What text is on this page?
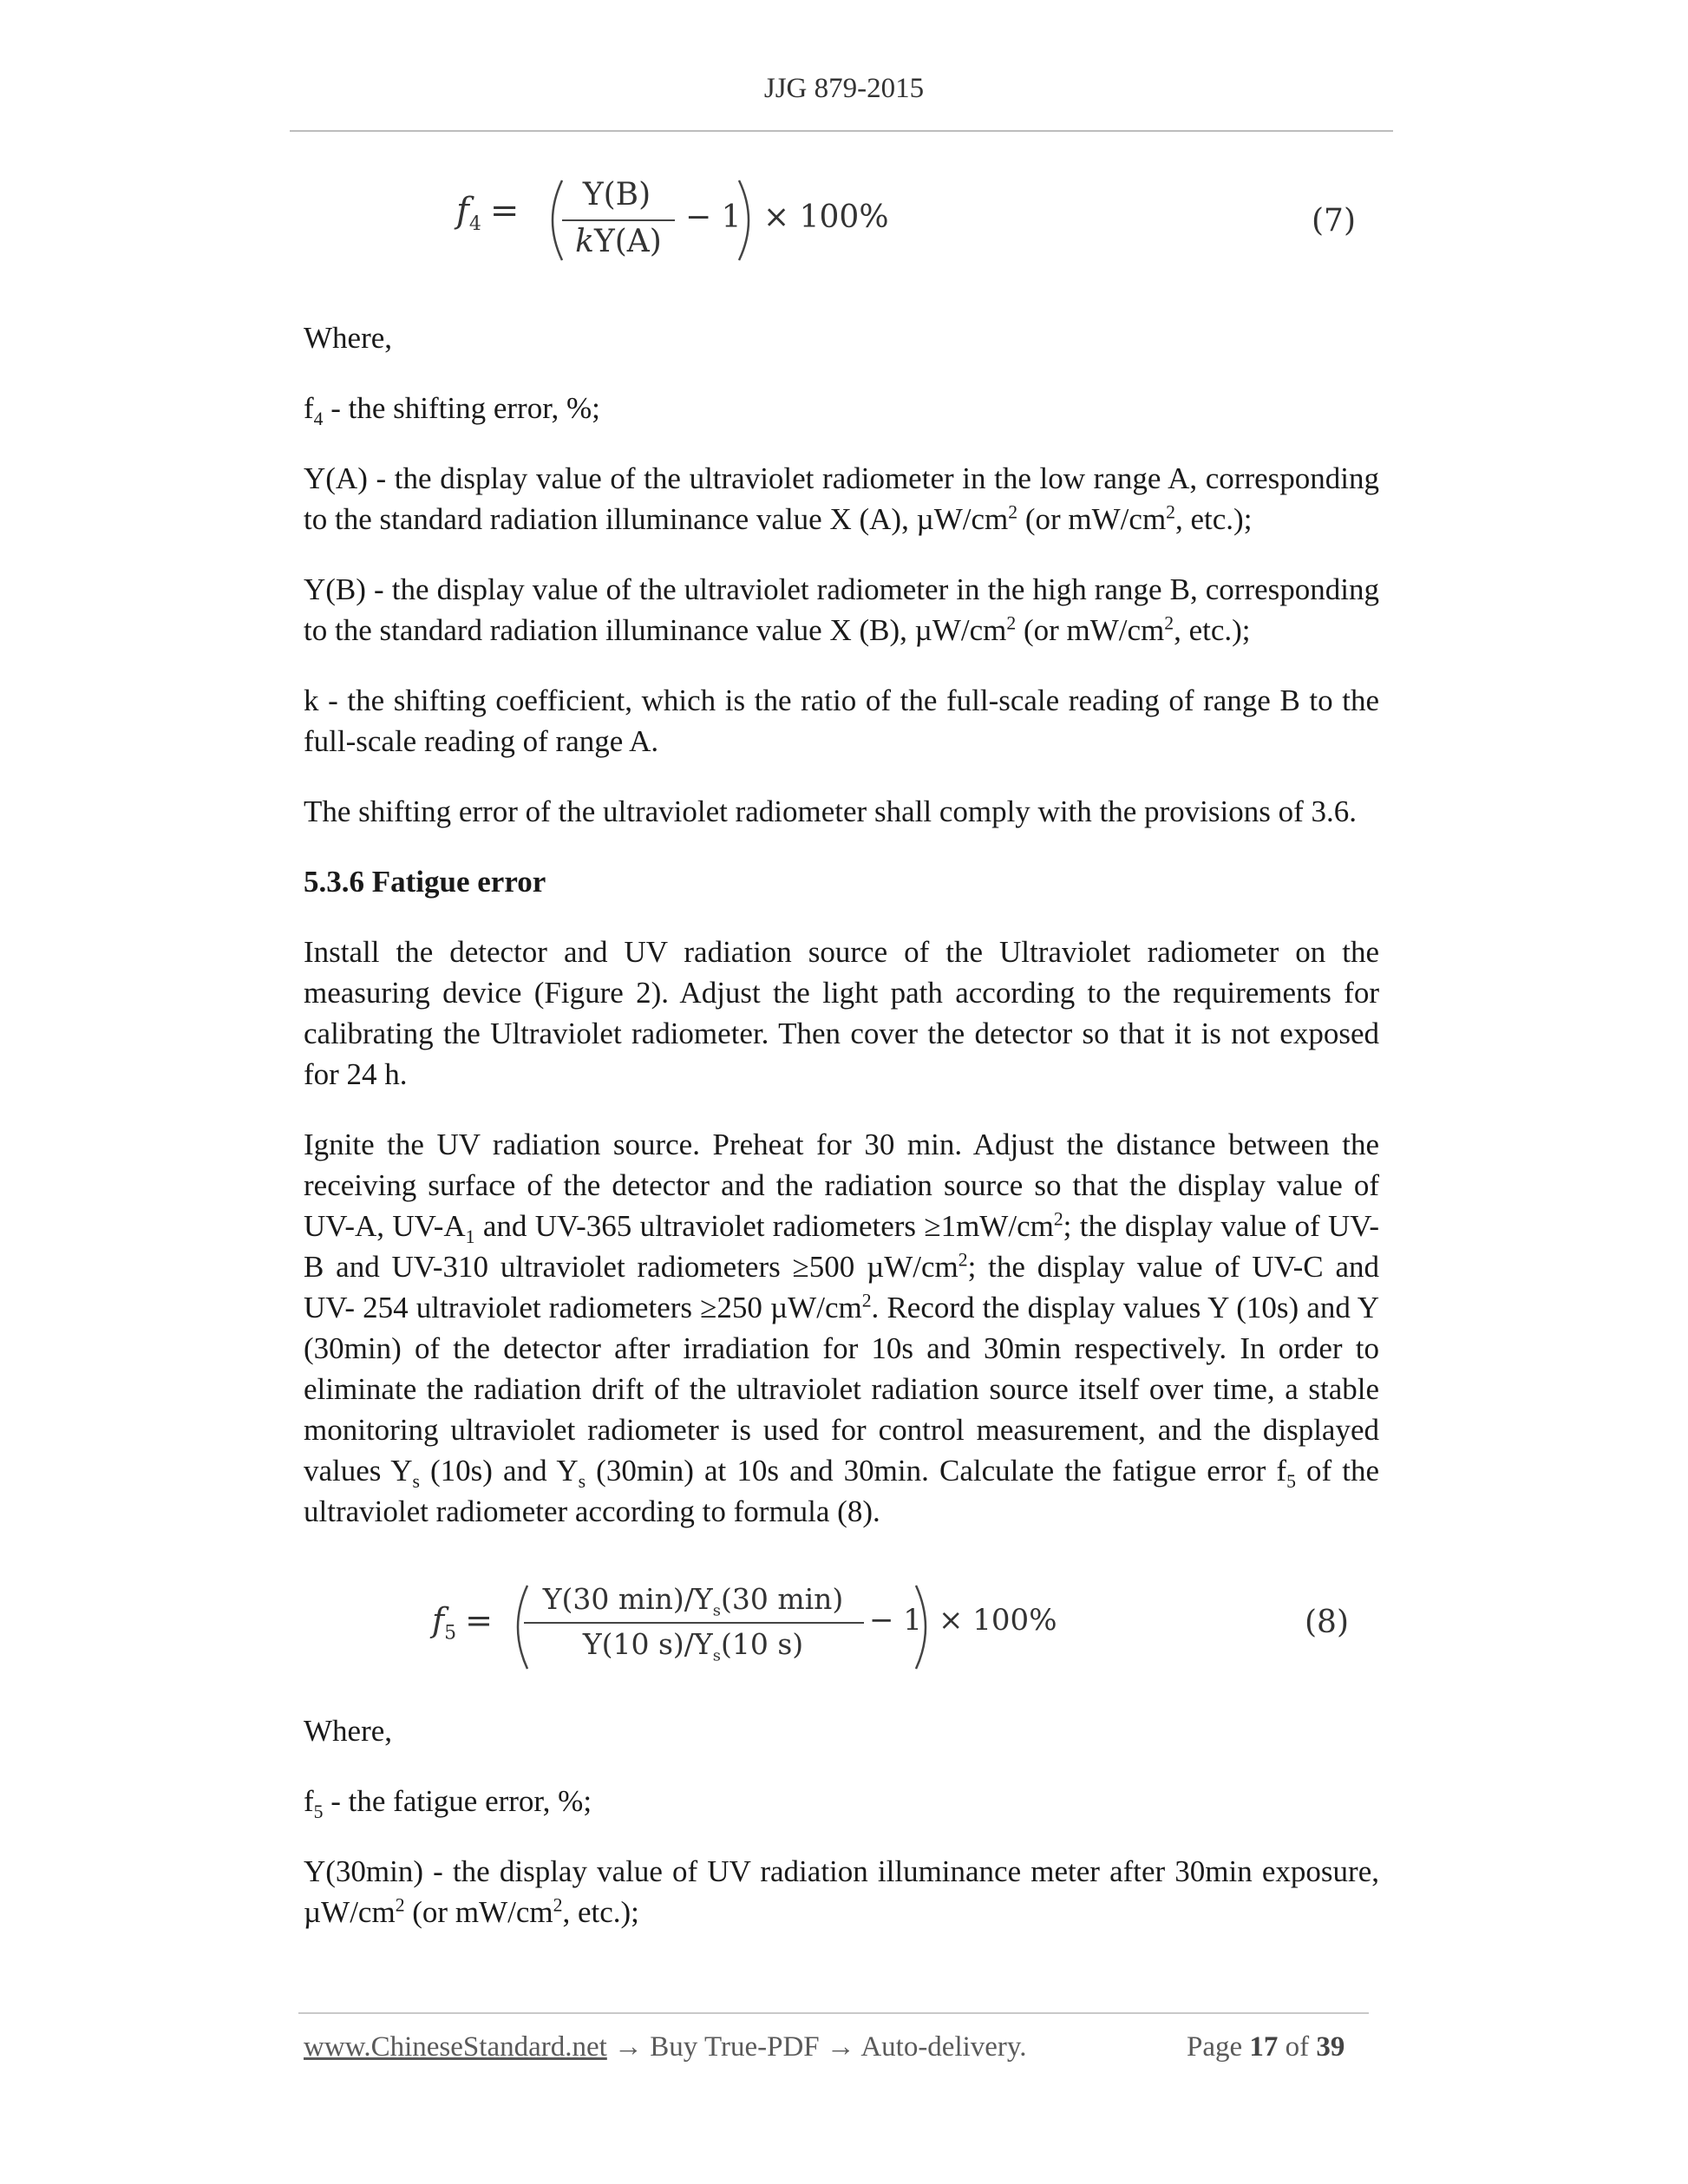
JJG 879-2015
$f_4$ =	Y(B)
kY(A)
− 1 × 100%	(7)

Where,

$f_4$ - the shifting error, %;

Y(A) - the display value of the ultraviolet radiometer in the low range A, corresponding to the standard radiation illuminance value X (A), $\mu W/cm^2$ (or $mW/cm^2$, etc.);

Y(B) - the display value of the ultraviolet radiometer in the high range B, corresponding to the standard radiation illuminance value X (B), $\mu W/cm^2$ (or $mW/cm^2$, etc.);

k - the shifting coefficient, which is the ratio of the full-scale reading of range B to the full-scale reading of range A.

The shifting error of the ultraviolet radiometer shall comply with the provisions of 3.6.

5.3.6 Fatigue error

Install the detector and UV radiation source of the Ultraviolet radiometer on the measuring device (Figure 2). Adjust the light path according to the requirements for calibrating the Ultraviolet radiometer. Then cover the detector so that it is not exposed for 24 h.

Ignite the UV radiation source. Preheat for 30 min. Adjust the distance between the receiving surface of the detector and the radiation source so that the display value of UV-A, $UV-A_1$ and UV-365 ultraviolet radiometers $\ge 1mW/cm^2$; the display value of UV-B and UV-310 ultraviolet radiometers ≥500 $\mu W/cm^2$; the display value of UV-C and UV- 254 ultraviolet radiometers ≥250 $\mu W/cm^2$. Record the display values Y (10s) and Y (30min) of the detector after irradiation for 10s and 30min respectively. In order to eliminate the radiation drift of the ultraviolet radiation source itself over time, a stable monitoring ultraviolet radiometer is used for control measurement, and the displayed values $Y_s$ (10s) and $Y_s$ (30min) at 10s and 30min. Calculate the fatigue error $f_5$ of the ultraviolet radiometer according to formula (8).

$f_5$ =
Y(30 $\min)/Y_s(30$ min)
Y(10 $s)/Y_s(10$ s)
− 1 × 100%	(8)

Where,

$f_5$ - the fatigue error, %;

Y(30min) - the display value of UV radiation illuminance meter after 30min exposure, $\mu W/cm^2$ (or $mW/cm^2$, etc.);

www.ChineseStandard.net → Buy True-PDF → Auto-delivery.	Page 17 of 39
